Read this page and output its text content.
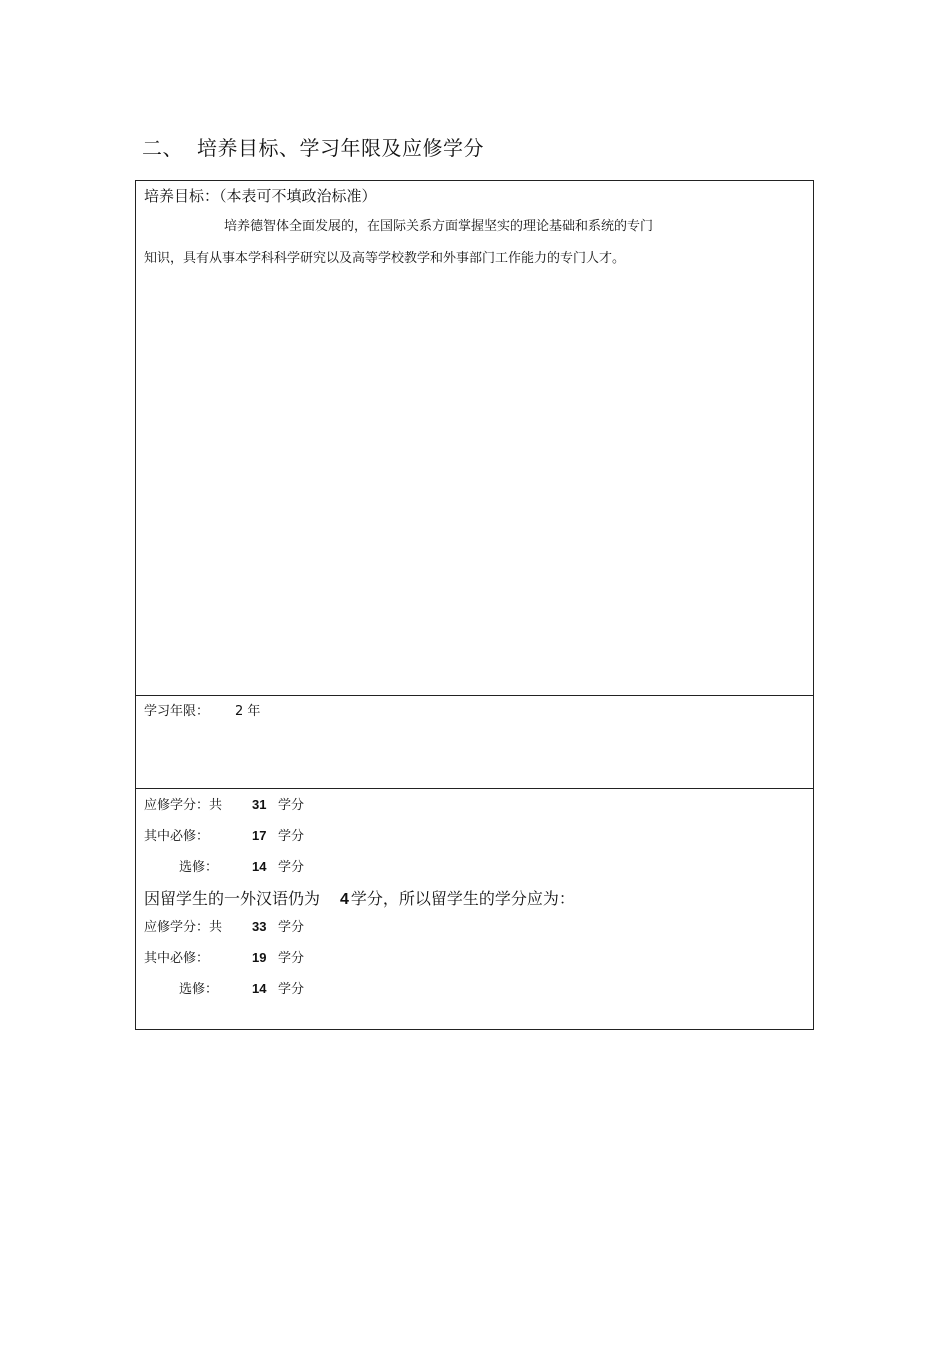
二、 培养目标、学习年限及应修学分
培养目标：（本表可不填政治标准）
培养德智体全面发展的，在国际关系方面掌握坚实的理论基础和系统的专门
知识，具有从事本学科科学研究以及高等学校教学和外事部门工作能力的专门人才。
学习年限： 2 年
应修学分：共 31 学分
其中必修：	17 学分
选修：	14 学分
因留学生的一外汉语仍为 4 学分，所以留学生的学分应为：
应修学分：共 33 学分
其中必修：	19 学分
选修：	14 学分
